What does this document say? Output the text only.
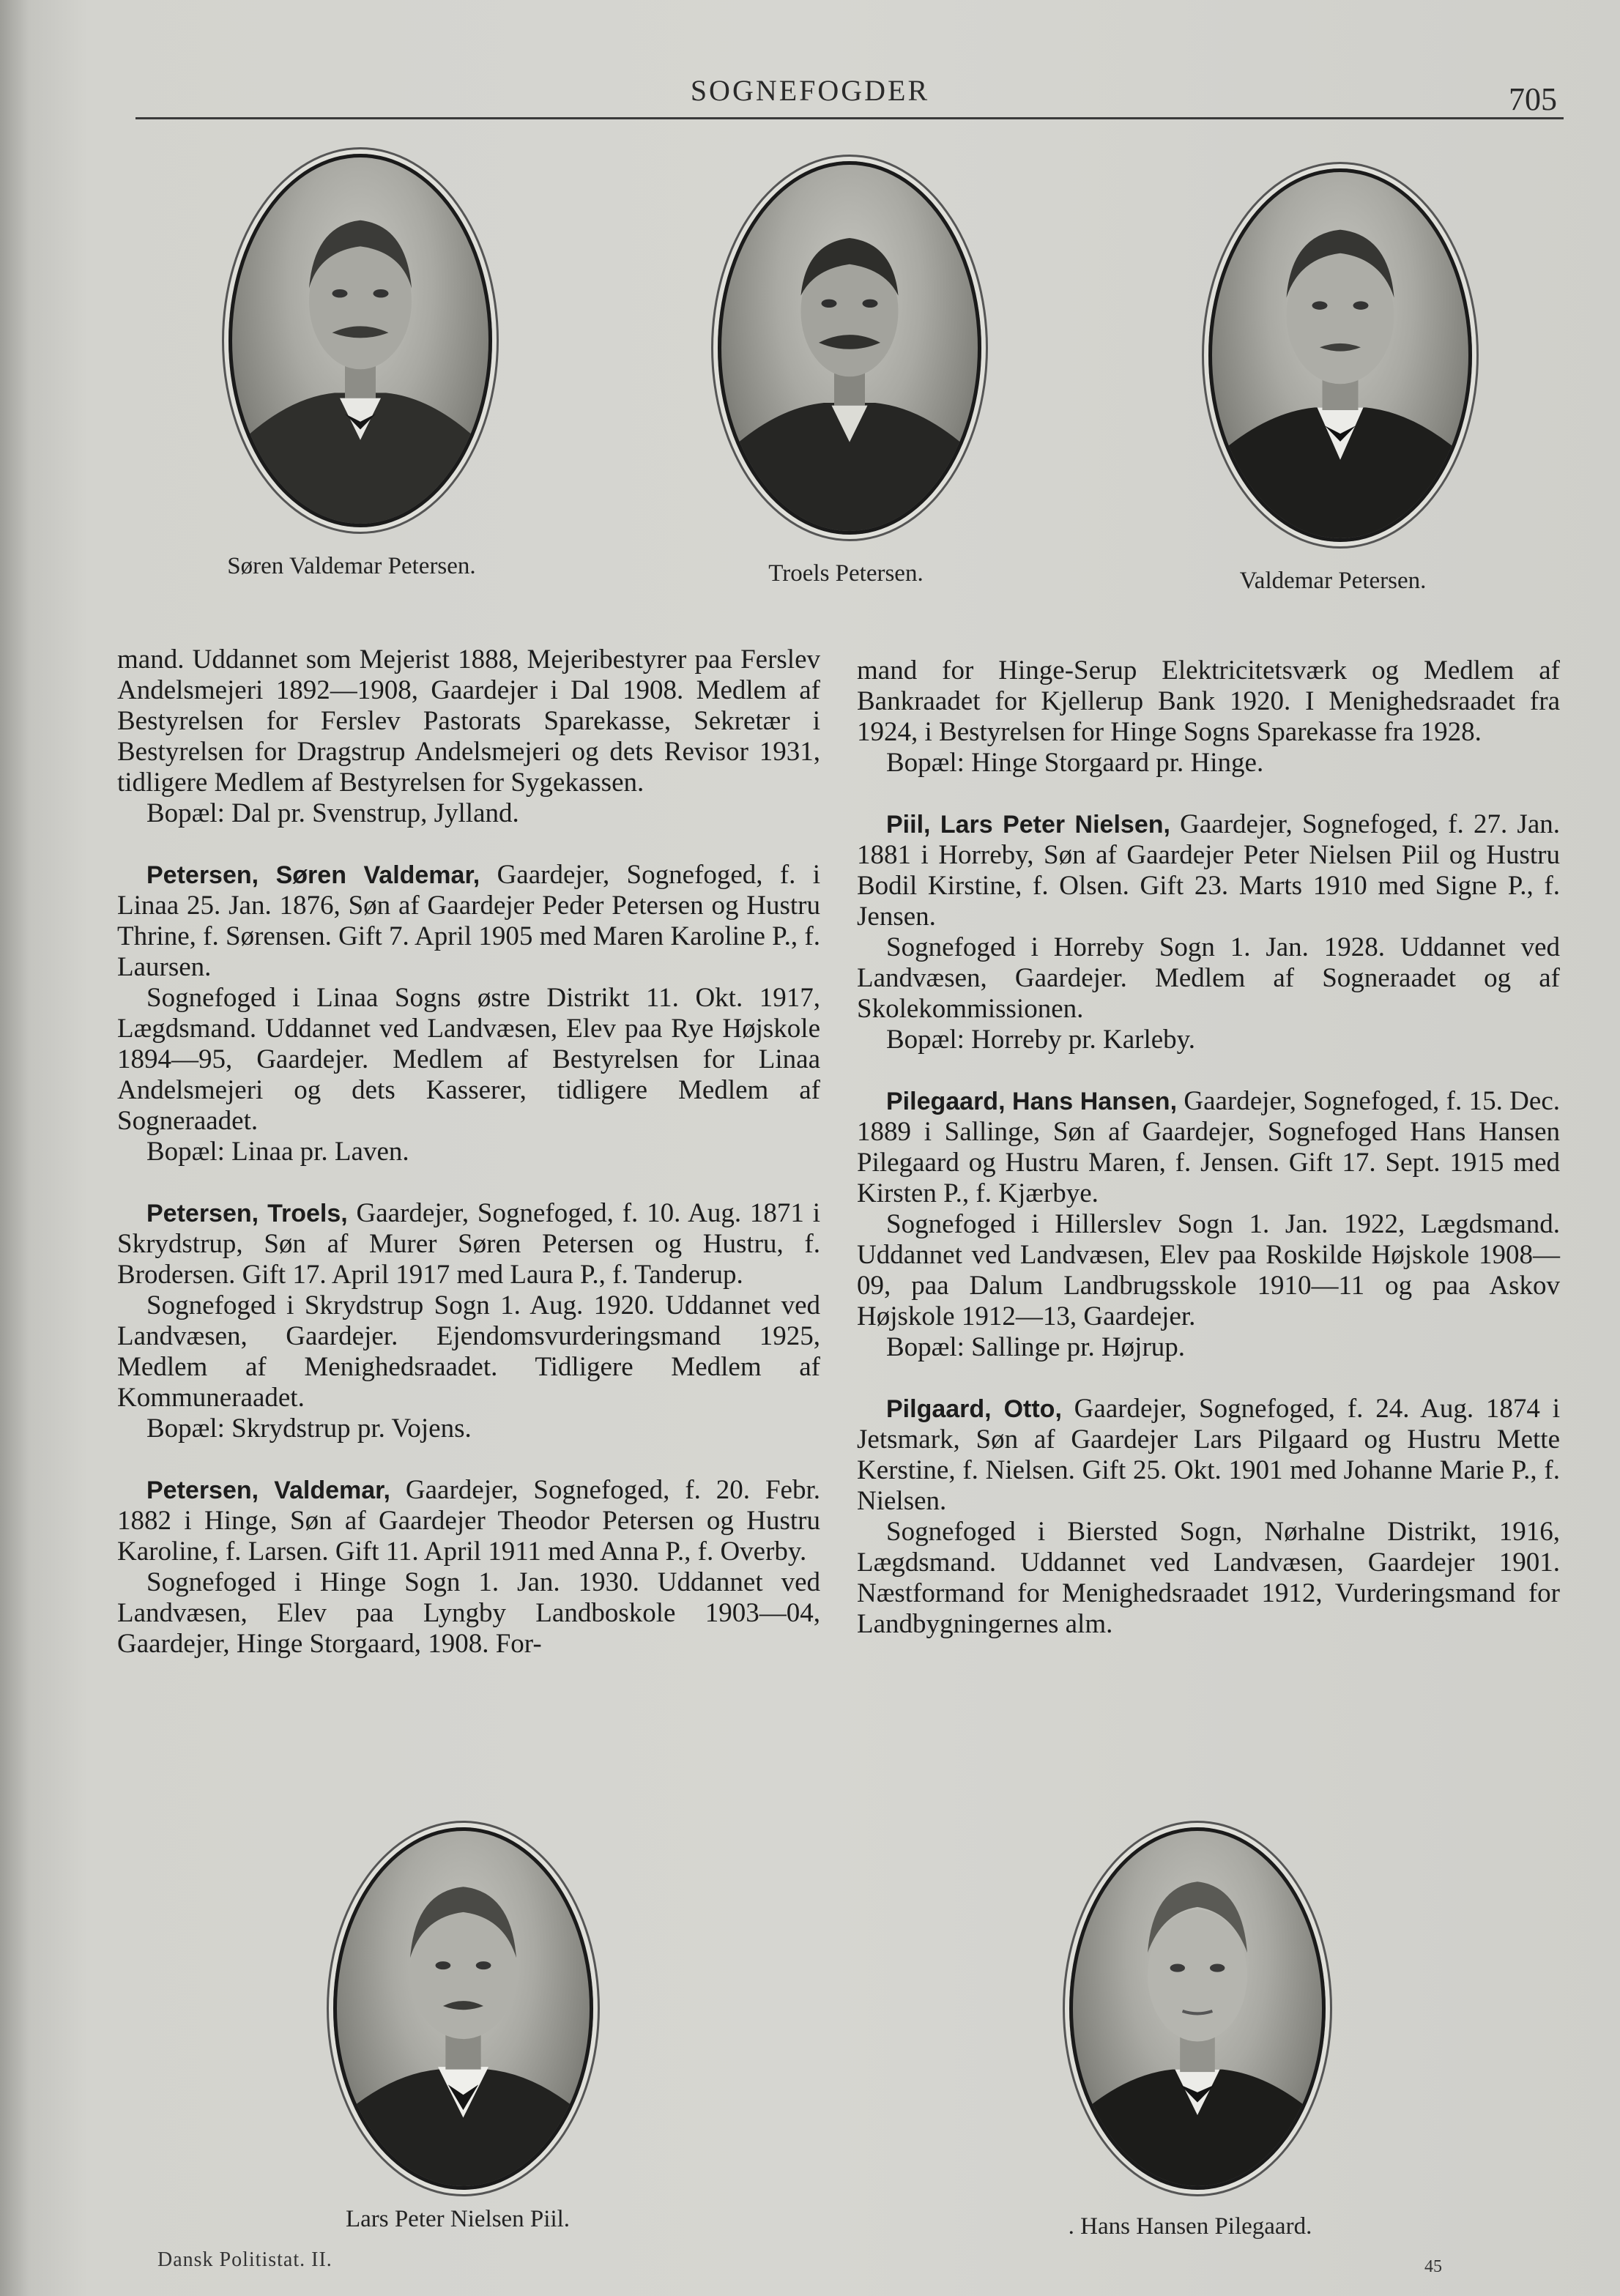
SOGNEFOGDER	705
Søren Valdemar Petersen.	Troels Petersen.	Valdemar Petersen.

mand. Uddannet som Mejerist 1888, Mejeribestyrer paa Ferslev Andelsmejeri 1892—1908, Gaardejer i Dal 1908. Medlem af Bestyrelsen for Ferslev Pastorats Sparekasse, Sekretær i Bestyrelsen for Dragstrup Andelsmejeri og dets Revisor 1931, tidligere Medlem af Bestyrelsen for Sygekassen.

Bopæl: Dal pr. Svenstrup, Jylland.

Petersen, Søren Valdemar, Gaardejer, Sognefoged, f. i Linaa 25. Jan. 1876, Søn af Gaardejer Peder Petersen og Hustru Thrine, f. Sørensen. Gift 7. April 1905 med Maren Karoline P., f. Laursen.

Sognefoged i Linaa Sogns østre Distrikt 11. Okt. 1917, Lægdsmand. Uddannet ved Landvæsen, Elev paa Rye Højskole 1894—95, Gaardejer. Medlem af Bestyrelsen for Linaa Andelsmejeri og dets Kasserer, tidligere Medlem af Sogneraadet.

Bopæl: Linaa pr. Laven.

Petersen, Troels, Gaardejer, Sognefoged, f. 10. Aug. 1871 i Skrydstrup, Søn af Murer Søren Petersen og Hustru, f. Brodersen. Gift 17. April 1917 med Laura P., f. Tanderup.

Sognefoged i Skrydstrup Sogn 1. Aug. 1920. Uddannet ved Landvæsen, Gaardejer. Ejendomsvurderingsmand 1925, Medlem af Menighedsraadet. Tidligere Medlem af Kommuneraadet.

Bopæl: Skrydstrup pr. Vojens.

Petersen, Valdemar, Gaardejer, Sognefoged, f. 20. Febr. 1882 i Hinge, Søn af Gaardejer Theodor Petersen og Hustru Karoline, f. Larsen. Gift 11. April 1911 med Anna P., f. Overby.

Sognefoged i Hinge Sogn 1. Jan. 1930. Uddannet ved Landvæsen, Elev paa Lyngby Landboskole 1903—04, Gaardejer, Hinge Storgaard, 1908. For-

mand for Hinge-Serup Elektricitetsværk og Medlem af Bankraadet for Kjellerup Bank 1920. I Menighedsraadet fra 1924, i Bestyrelsen for Hinge Sogns Sparekasse fra 1928.

Bopæl: Hinge Storgaard pr. Hinge.

Piil, Lars Peter Nielsen, Gaardejer, Sognefoged, f. 27. Jan. 1881 i Horreby, Søn af Gaardejer Peter Nielsen Piil og Hustru Bodil Kirstine, f. Olsen. Gift 23. Marts 1910 med Signe P., f. Jensen.

Sognefoged i Horreby Sogn 1. Jan. 1928. Uddannet ved Landvæsen, Gaardejer. Medlem af Sogneraadet og af Skolekommissionen.

Bopæl: Horreby pr. Karleby.

Pilegaard, Hans Hansen, Gaardejer, Sognefoged, f. 15. Dec. 1889 i Sallinge, Søn af Gaardejer, Sognefoged Hans Hansen Pilegaard og Hustru Maren, f. Jensen. Gift 17. Sept. 1915 med Kirsten P., f. Kjærbye.

Sognefoged i Hillerslev Sogn 1. Jan. 1922, Lægdsmand. Uddannet ved Landvæsen, Elev paa Roskilde Højskole 1908—09, paa Dalum Landbrugsskole 1910—11 og paa Askov Højskole 1912—13, Gaardejer.

Bopæl: Sallinge pr. Højrup.

Pilgaard, Otto, Gaardejer, Sognefoged, f. 24. Aug. 1874 i Jetsmark, Søn af Gaardejer Lars Pilgaard og Hustru Mette Kerstine, f. Nielsen. Gift 25. Okt. 1901 med Johanne Marie P., f. Nielsen.

Sognefoged i Biersted Sogn, Nørhalne Distrikt, 1916, Lægdsmand. Uddannet ved Landvæsen, Gaardejer 1901. Næstformand for Menighedsraadet 1912, Vurderingsmand for Landbygningernes alm.

Lars Peter Nielsen Piil.	. Hans Hansen Pilegaard.
Dansk Politistat. II.	45
